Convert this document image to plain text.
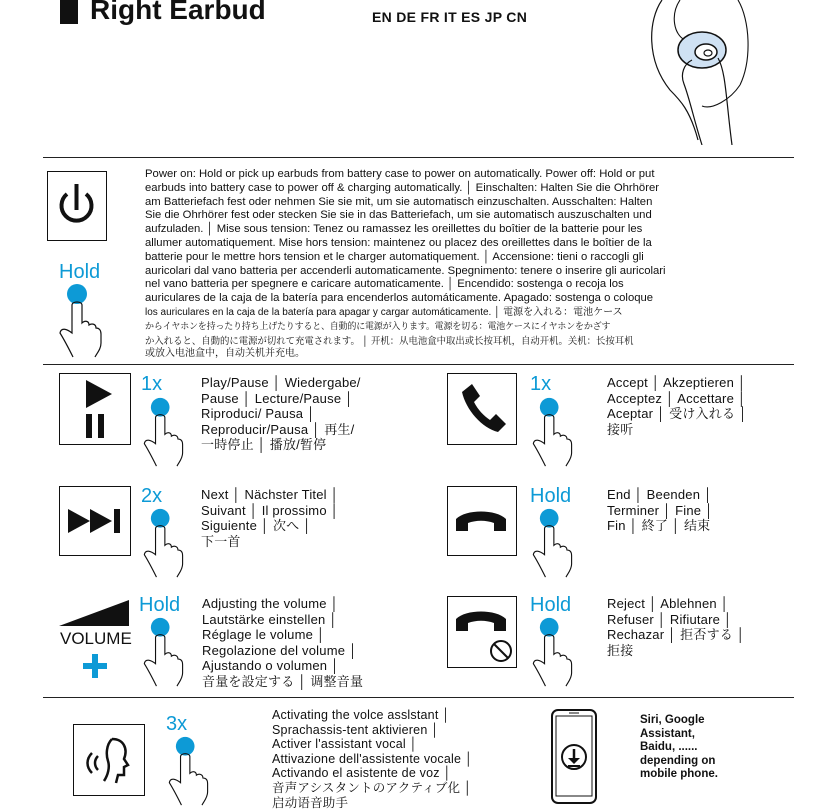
Right Earbud	EN DE FR IT ES JP CN
Hold
Power on: Hold or pick up earbuds from battery case to power on automatically. Power off: Hold or put
earbuds into battery case to power off & charging automatically. │ Einschalten: Halten Sie die Ohrhörer
am Batteriefach fest oder nehmen Sie sie mit, um sie automatisch einzuschalten. Ausschalten: Halten
Sie die Ohrhörer fest oder stecken Sie sie in das Batteriefach, um sie automatisch auszuschalten und
aufzuladen. │ Mise sous tension: Tenez ou ramassez les oreillettes du boîtier de la batterie pour les
allumer automatiquement. Mise hors tension: maintenez ou placez des oreillettes dans le boîtier de la
batterie pour le mettre hors tension et le charger automatiquement. │ Accensione: tieni o raccogli gli
auricolari dal vano batteria per accenderli automaticamente. Spegnimento: tenere o inserire gli auricolari
nel vano batteria per spegnere e caricare automaticamente. │ Encendido: sostenga o recoja los
auriculares de la caja de la batería para encenderlos automáticamente. Apagado: sostenga o coloque
los auriculares en la caja de la batería para apagar y cargar automáticamente. │ 電源を入れる：電池ケース
からイヤホンを持ったり持ち上げたりすると、自動的に電源が入ります。電源を切る：電池ケースにイヤホンをかざす
か入れると、自動的に電源が切れて充電されます。 │ 开机：从电池盒中取出或长按耳机，自动开机。关机：长按耳机
或放入电池盒中，自动关机并充电。
1x	Play/Pause │ Wiedergabe/
Pause │ Lecture/Pause │
Riproduci/ Pausa │
Reproducir/Pausa │ 再生/
一時停止 │ 播放/暂停
1x	Accept │ Akzeptieren │
Acceptez │ Accettare │
Aceptar │ 受け入れる │
接听
2x	Next │ Nächster Titel │
Suivant │ Il prossimo │
Siguiente │ 次へ │
下一首
Hold	End │ Beenden │
Terminer │ Fine │
Fin │ 終了 │ 结束
VOLUME
Hold Adjusting the volume │
Lautstärke einstellen │
Réglage le volume │
Regolazione del volume │
Ajustando o volumen │
音量を設定する │ 调整音量
Hold	Reject │ Ablehnen │
Refuser │ Rifiutare │
Rechazar │ 拒否する │
拒接
3x	Activating the volce asslstant │
Sprachassis-tent aktivieren │
Activer l'assistant vocal │
Attivazione dell'assistente vocale │
Activando el asistente de voz │
音声アシスタントのアクティブ化 │
启动语音助手
Siri, Google
Assistant,
Baidu, ......
depending on
mobile phone.
